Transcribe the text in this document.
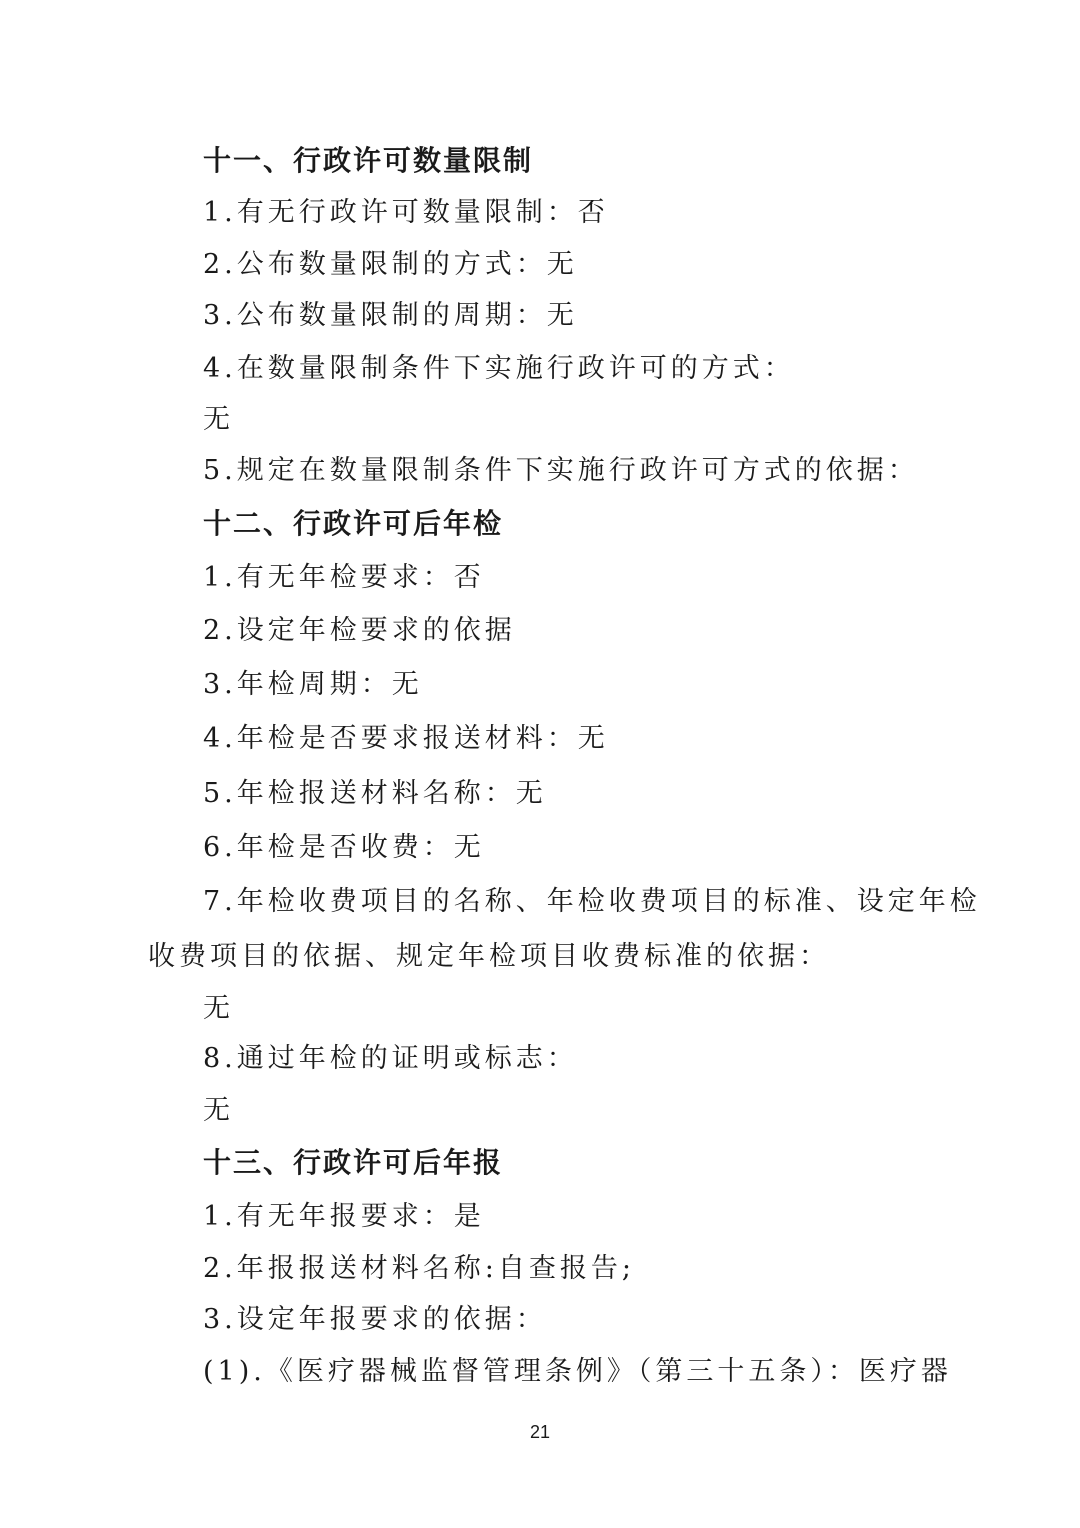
十一、行政许可数量限制
1.有无行政许可数量限制：否
2.公布数量限制的方式：无
3.公布数量限制的周期：无
4.在数量限制条件下实施行政许可的方式：
无
5.规定在数量限制条件下实施行政许可方式的依据：
十二、行政许可后年检
1.有无年检要求：否
2.设定年检要求的依据
3.年检周期：无
4.年检是否要求报送材料：无
5.年检报送材料名称：无
6.年检是否收费：无
7.年检收费项目的名称、年检收费项目的标准、设定年检
收费项目的依据、规定年检项目收费标准的依据：
无
8.通过年检的证明或标志：
无
十三、行政许可后年报
1.有无年报要求：是
2.年报报送材料名称:自查报告;
3.设定年报要求的依据：
(1).《医疗器械监督管理条例》（第三十五条）：医疗器
21
